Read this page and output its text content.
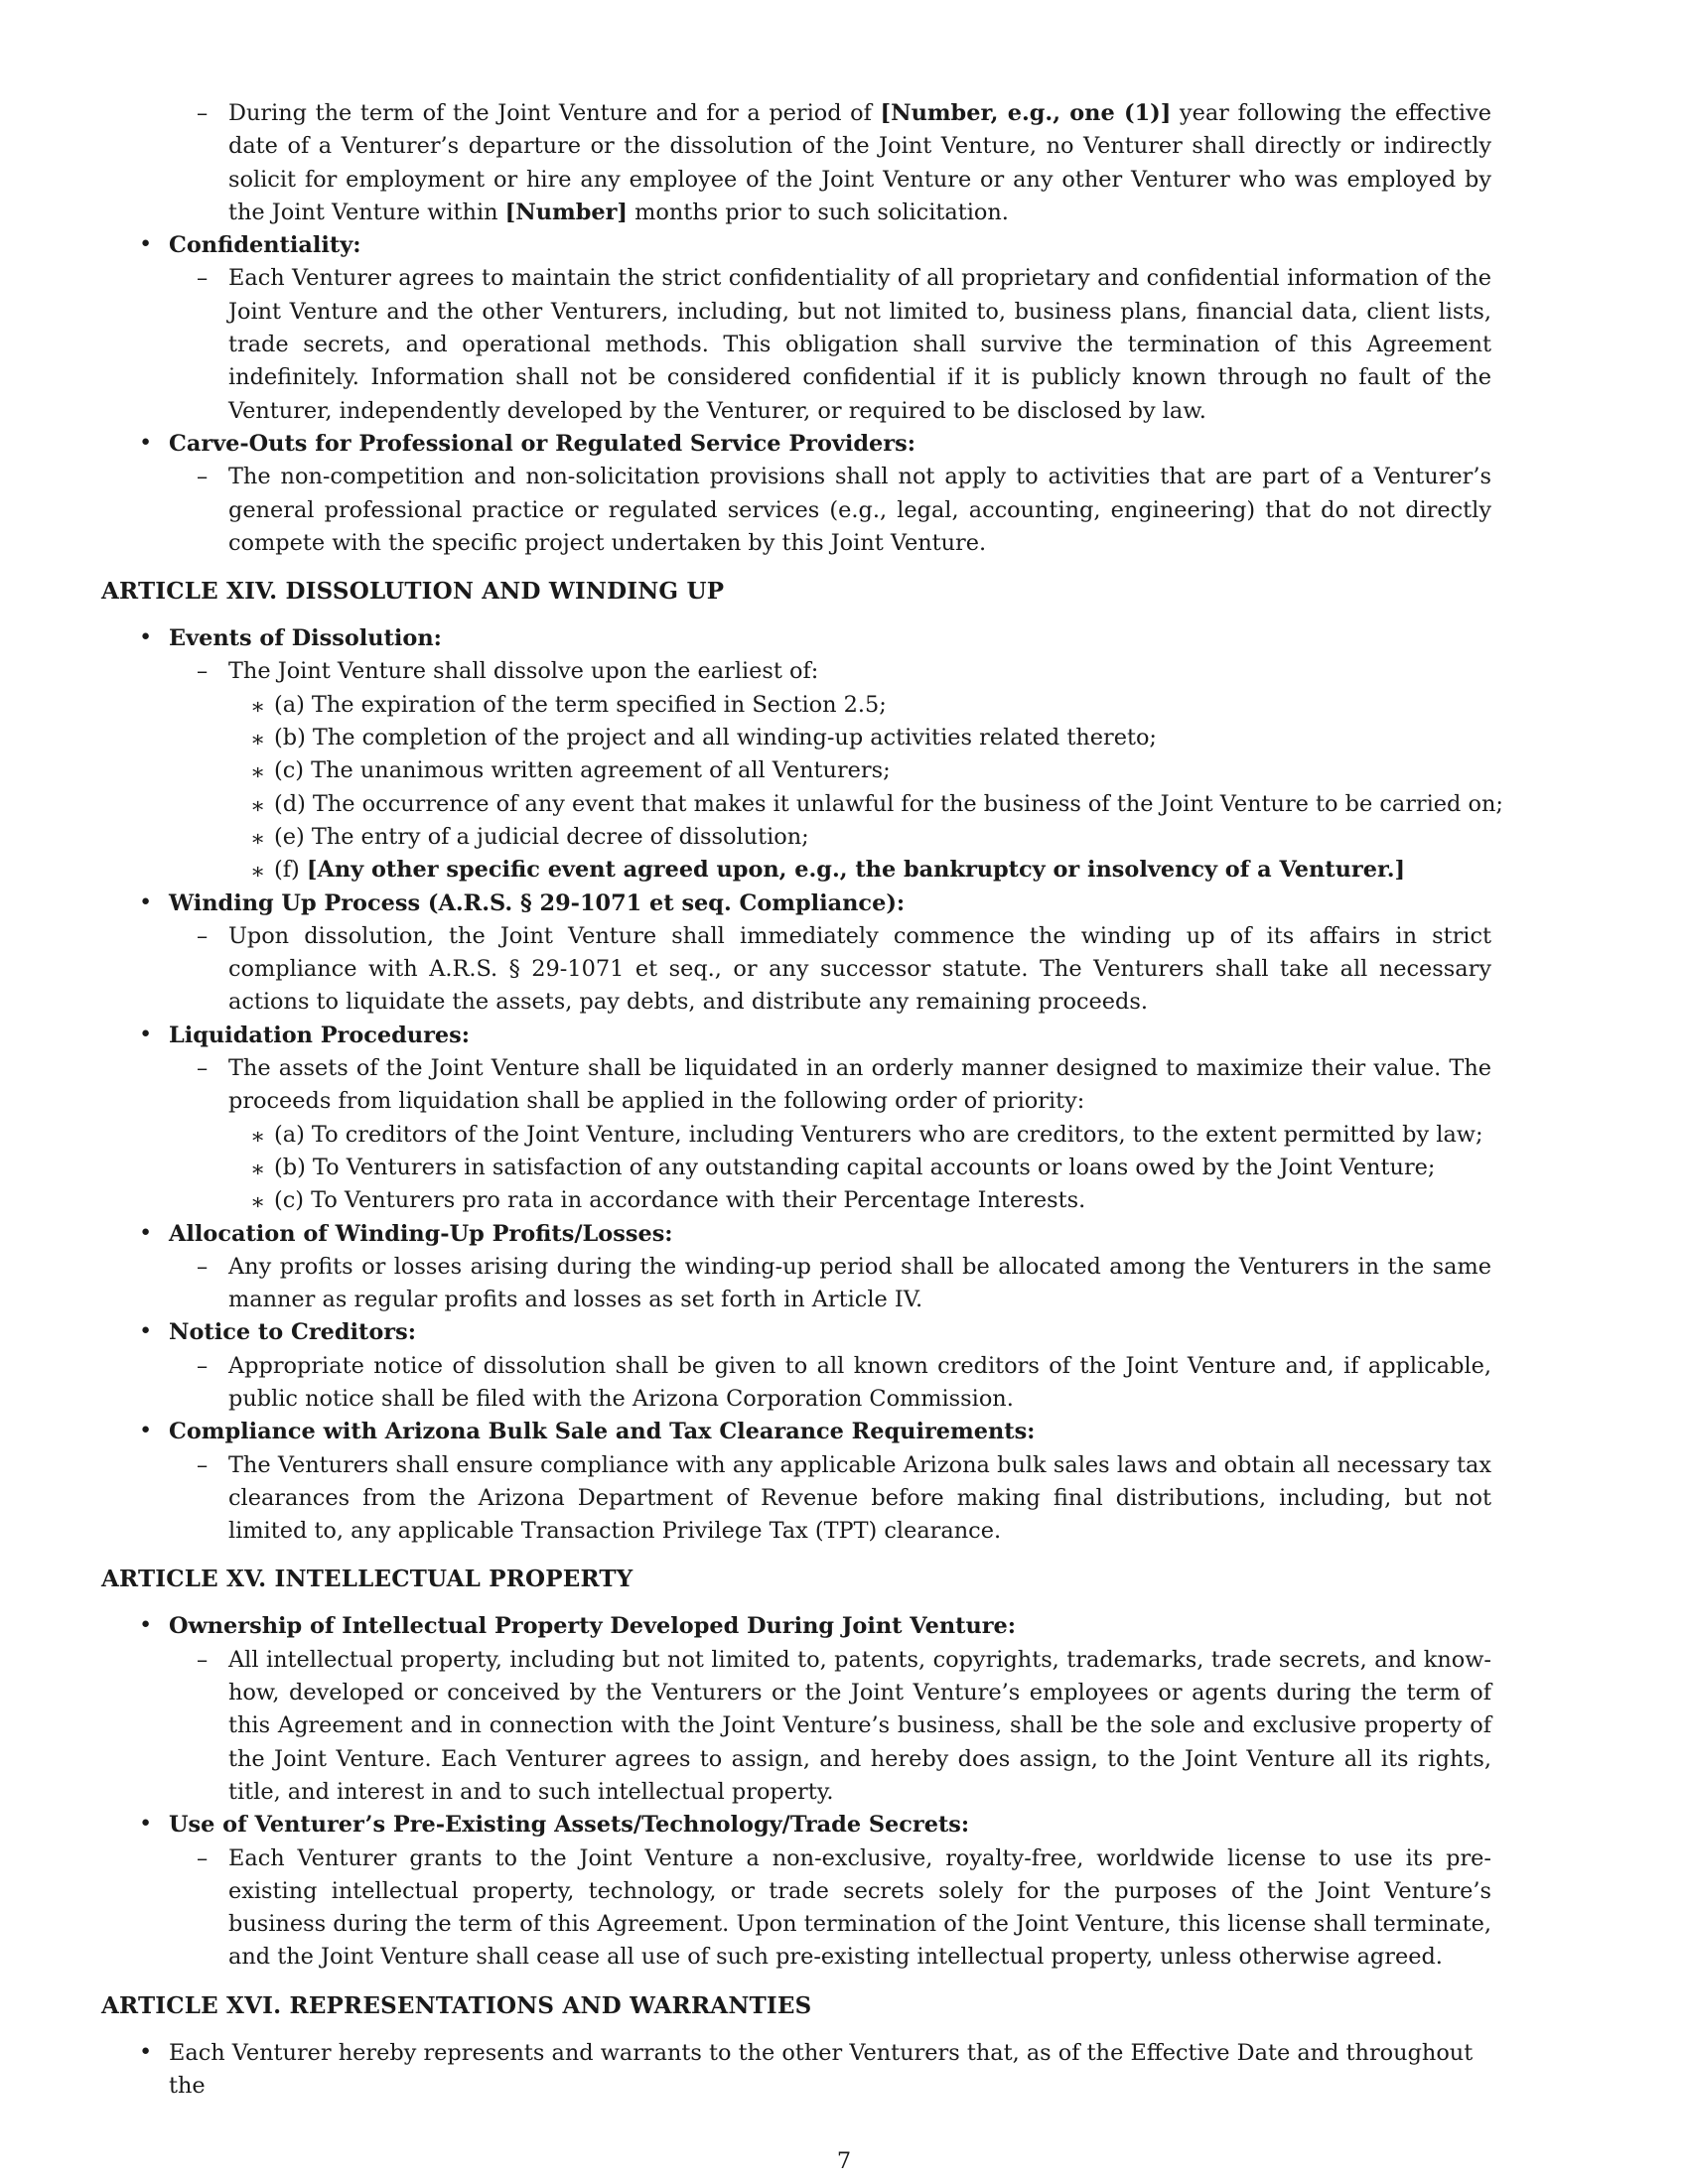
– During the term of the Joint Venture and for a period of [Number, e.g., one (1)] year following the effective date of a Venturer’s departure or the dissolution of the Joint Venture, no Venturer shall directly or indirectly solicit for employment or hire any employee of the Joint Venture or any other Venturer who was employed by the Joint Venture within [Number] months prior to such solicitation.
• Confidentiality:
– Each Venturer agrees to maintain the strict confidentiality of all proprietary and confidential information of the Joint Venture and the other Venturers, including, but not limited to, business plans, financial data, client lists, trade secrets, and operational methods. This obligation shall survive the termination of this Agreement indefinitely. Information shall not be considered confidential if it is publicly known through no fault of the Venturer, independently developed by the Venturer, or required to be disclosed by law.
• Carve-Outs for Professional or Regulated Service Providers:
– The non-competition and non-solicitation provisions shall not apply to activities that are part of a Venturer’s general professional practice or regulated services (e.g., legal, accounting, engineering) that do not directly compete with the specific project undertaken by this Joint Venture.
ARTICLE XIV. DISSOLUTION AND WINDING UP
• Events of Dissolution:
– The Joint Venture shall dissolve upon the earliest of:
∗ (a) The expiration of the term specified in Section 2.5;
∗ (b) The completion of the project and all winding-up activities related thereto;
∗ (c) The unanimous written agreement of all Venturers;
∗ (d) The occurrence of any event that makes it unlawful for the business of the Joint Venture to be carried on;
∗ (e) The entry of a judicial decree of dissolution;
∗ (f) [Any other specific event agreed upon, e.g., the bankruptcy or insolvency of a Venturer.]
• Winding Up Process (A.R.S. § 29-1071 et seq. Compliance):
– Upon dissolution, the Joint Venture shall immediately commence the winding up of its affairs in strict compliance with A.R.S. § 29-1071 et seq., or any successor statute. The Venturers shall take all necessary actions to liquidate the assets, pay debts, and distribute any remaining proceeds.
• Liquidation Procedures:
– The assets of the Joint Venture shall be liquidated in an orderly manner designed to maximize their value. The proceeds from liquidation shall be applied in the following order of priority:
∗ (a) To creditors of the Joint Venture, including Venturers who are creditors, to the extent permitted by law;
∗ (b) To Venturers in satisfaction of any outstanding capital accounts or loans owed by the Joint Venture;
∗ (c) To Venturers pro rata in accordance with their Percentage Interests.
• Allocation of Winding-Up Profits/Losses:
– Any profits or losses arising during the winding-up period shall be allocated among the Venturers in the same manner as regular profits and losses as set forth in Article IV.
• Notice to Creditors:
– Appropriate notice of dissolution shall be given to all known creditors of the Joint Venture and, if applicable, public notice shall be filed with the Arizona Corporation Commission.
• Compliance with Arizona Bulk Sale and Tax Clearance Requirements:
– The Venturers shall ensure compliance with any applicable Arizona bulk sales laws and obtain all necessary tax clearances from the Arizona Department of Revenue before making final distributions, including, but not limited to, any applicable Transaction Privilege Tax (TPT) clearance.
ARTICLE XV. INTELLECTUAL PROPERTY
• Ownership of Intellectual Property Developed During Joint Venture:
– All intellectual property, including but not limited to, patents, copyrights, trademarks, trade secrets, and know-how, developed or conceived by the Venturers or the Joint Venture’s employees or agents during the term of this Agreement and in connection with the Joint Venture’s business, shall be the sole and exclusive property of the Joint Venture. Each Venturer agrees to assign, and hereby does assign, to the Joint Venture all its rights, title, and interest in and to such intellectual property.
• Use of Venturer’s Pre-Existing Assets/Technology/Trade Secrets:
– Each Venturer grants to the Joint Venture a non-exclusive, royalty-free, worldwide license to use its pre-existing intellectual property, technology, or trade secrets solely for the purposes of the Joint Venture’s business during the term of this Agreement. Upon termination of the Joint Venture, this license shall terminate, and the Joint Venture shall cease all use of such pre-existing intellectual property, unless otherwise agreed.
ARTICLE XVI. REPRESENTATIONS AND WARRANTIES
• Each Venturer hereby represents and warrants to the other Venturers that, as of the Effective Date and throughout the
7
